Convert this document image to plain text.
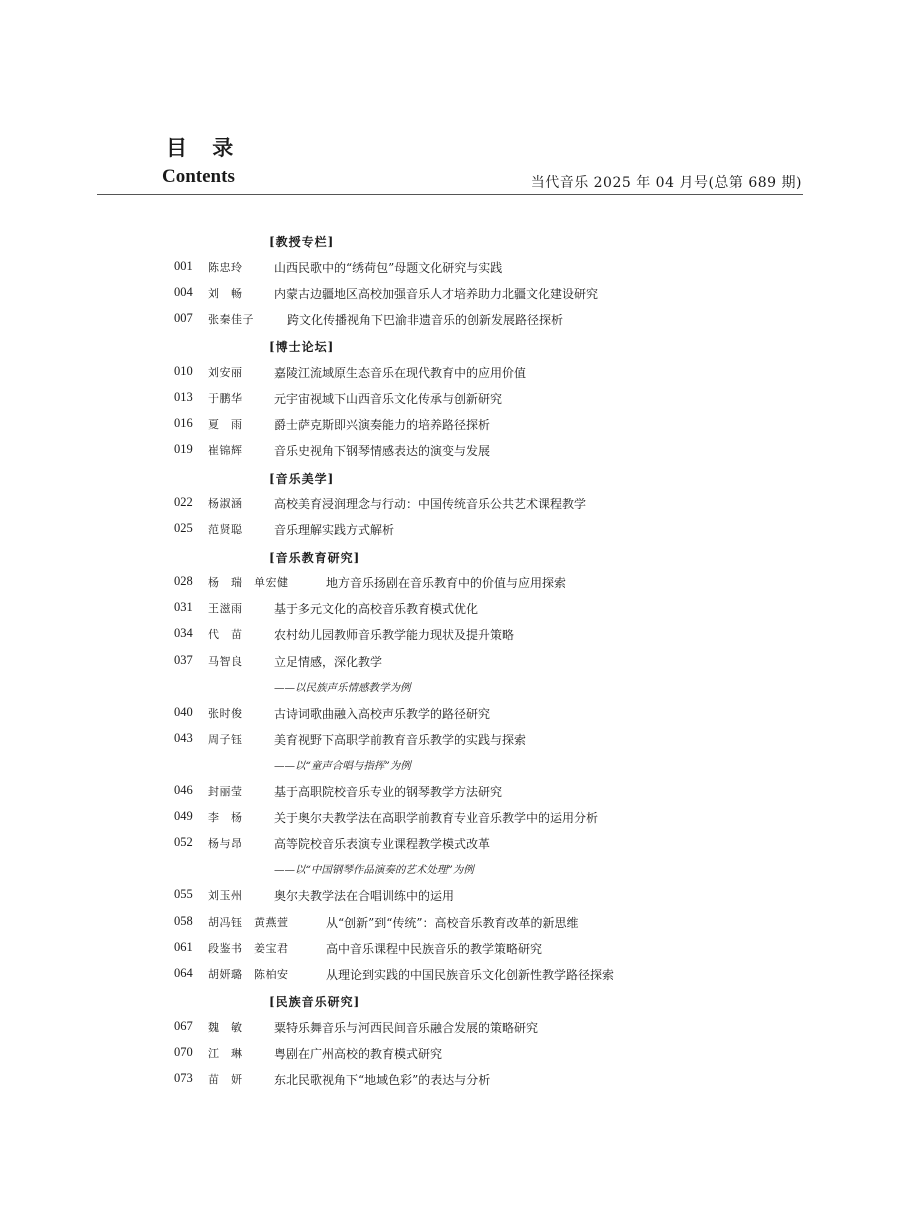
目 录
Contents	当代音乐 2025 年 04 月号(总第 689 期)
[教授专栏]
001 陈忠玲	山西民歌中的“绣荷包”母题文化研究与实践
004 刘　畅	内蒙古边疆地区高校加强音乐人才培养助力北疆文化建设研究
007 张秦佳子	跨文化传播视角下巴渝非遗音乐的创新发展路径探析
[博士论坛]
010 刘安丽	嘉陵江流域原生态音乐在现代教育中的应用价值
013 于鹏华	元宇宙视域下山西音乐文化传承与创新研究
016 夏　雨	爵士萨克斯即兴演奏能力的培养路径探析
019 崔锦辉	音乐史视角下钢琴情感表达的演变与发展
[音乐美学]
022 杨淑涵	高校美育浸润理念与行动：中国传统音乐公共艺术课程教学
025 范贤聪	音乐理解实践方式解析
[音乐教育研究]
028 杨　瑞　单宏健	地方音乐扬剧在音乐教育中的价值与应用探索
031 王滋雨	基于多元文化的高校音乐教育模式优化
034 代　苗	农村幼儿园教师音乐教学能力现状及提升策略
037 马智良	立足情感，深化教学
——以民族声乐情感教学为例
040 张时俊	古诗词歌曲融入高校声乐教学的路径研究
043 周子钰	美育视野下高职学前教育音乐教学的实践与探索
——以“童声合唱与指挥”为例
046 封丽莹	基于高职院校音乐专业的钢琴教学方法研究
049 李　杨	关于奥尔夫教学法在高职学前教育专业音乐教学中的运用分析
052 杨与昂	高等院校音乐表演专业课程教学模式改革
——以“中国钢琴作品演奏的艺术处理”为例
055 刘玉州	奥尔夫教学法在合唱训练中的运用
058 胡冯钰　黄燕萱	从“创新”到“传统”：高校音乐教育改革的新思维
061 段鉴书　姜宝君	高中音乐课程中民族音乐的教学策略研究
064 胡妍璐　陈柏安	从理论到实践的中国民族音乐文化创新性教学路径探索
[民族音乐研究]
067 魏　敏	粟特乐舞音乐与河西民间音乐融合发展的策略研究
070 江　琳	粤剧在广州高校的教育模式研究
073 苗　妍	东北民歌视角下“地域色彩”的表达与分析
